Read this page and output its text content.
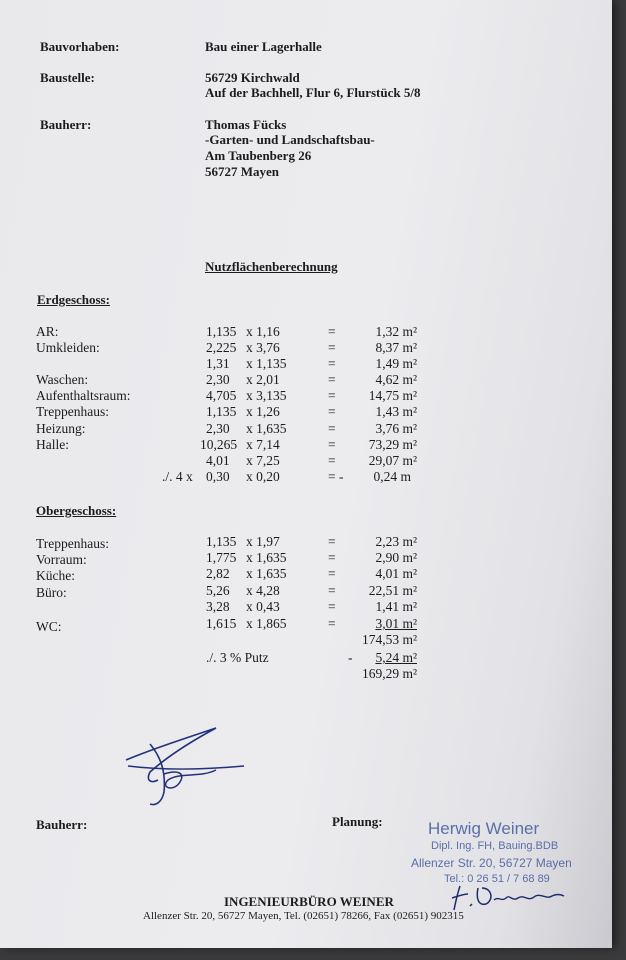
Bauvorhaben:	Bau einer Lagerhalle
Baustelle:	56729 Kirchwald
Auf der Bachhell, Flur 6, Flurstück 5/8
Bauherr:	Thomas Fücks
-Garten- und Landschaftsbau-
Am Taubenberg 26
56727 Mayen
Nutzflächenberechnung
Erdgeschoss:
AR:	1,135 x 1,16	=	1,32 m²
Umkleiden:	2,225 x 3,76	=	8,37 m²
1,31 x 1,135	=	1,49 m²
Waschen:	2,30 x 2,01	=	4,62 m²
Aufenthaltsraum:	4,705 x 3,135	=	14,75 m²
Treppenhaus:	1,135 x 1,26	=	1,43 m²
Heizung:	2,30 x 1,635	=	3,76 m²
Halle:	10,265 x 7,14	=	73,29 m²
4,01 x 7,25	=	29,07 m²
./. 4 x 0,30 x 0,20	= -	0,24 m
Obergeschoss:
Treppenhaus:	1,135 x 1,97	=	2,23 m²
Vorraum:	1,775 x 1,635	=	2,90 m²
Küche:	2,82 x 1,635	=	4,01 m²
Büro:	5,26 x 4,28	=	22,51 m²
3,28 x 0,43	=	1,41 m²
WC:	1,615 x 1,865	=	3,01 m²
174,53 m²
./. 3 % Putz	-	5,24 m²
169,29 m²
Bauherr:	Planung:	Herwig Weiner
Dipl. Ing. FH, Bauing.BDB
Allenzer Str. 20, 56727 Mayen
Tel.: 0 26 51 / 7 68 89
INGENIEURBÜRO WEINER
Allenzer Str. 20, 56727 Mayen, Tel. (02651) 78266, Fax (02651) 902315
